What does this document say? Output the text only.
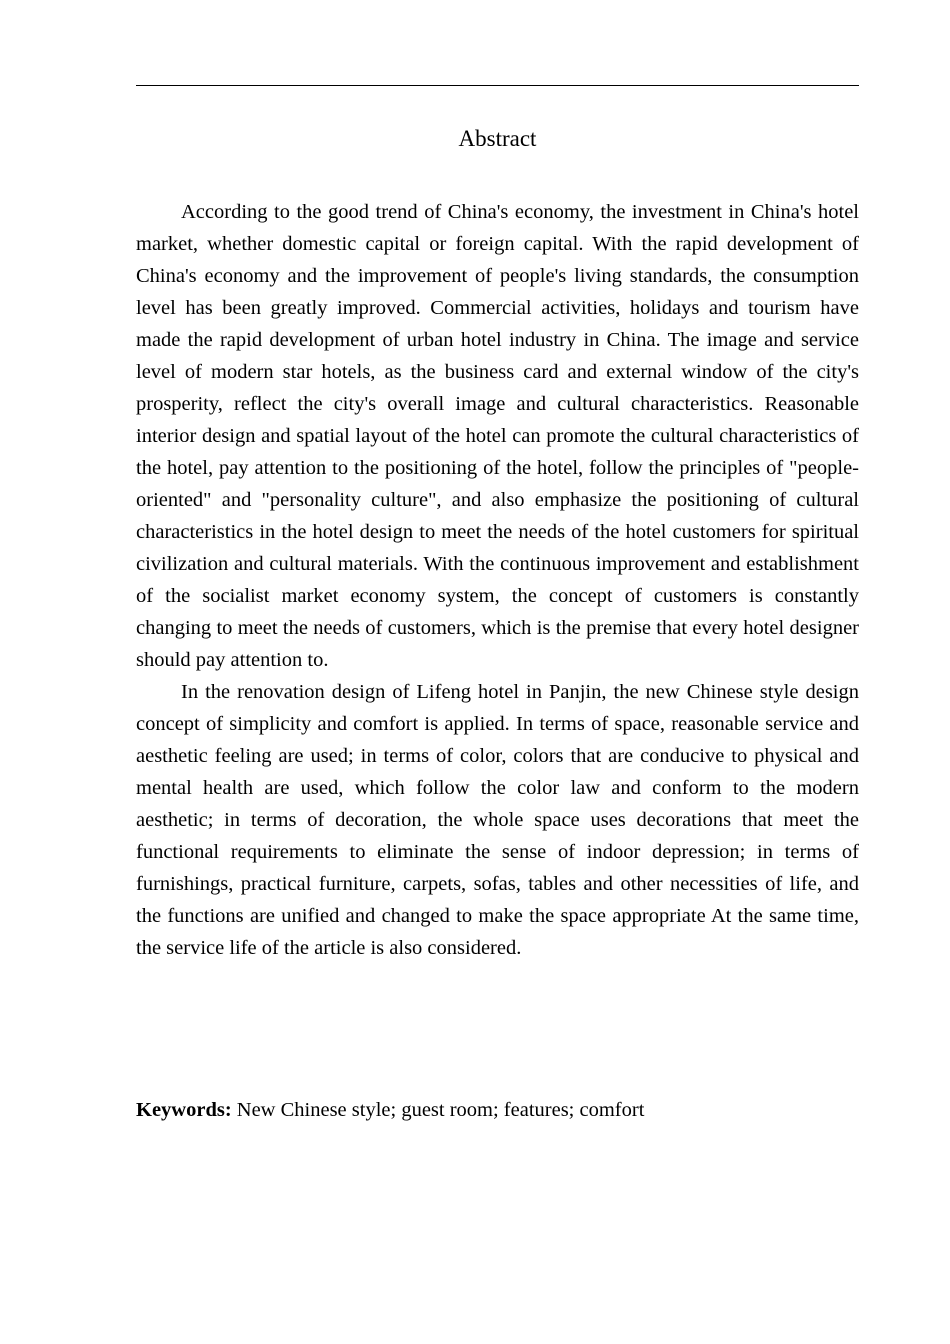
Abstract

According to the good trend of China's economy, the investment in China's hotel market, whether domestic capital or foreign capital. With the rapid development of China's economy and the improvement of people's living standards, the consumption level has been greatly improved. Commercial activities, holidays and tourism have made the rapid development of urban hotel industry in China. The image and service level of modern star hotels, as the business card and external window of the city's prosperity, reflect the city's overall image and cultural characteristics. Reasonable interior design and spatial layout of the hotel can promote the cultural characteristics of the hotel, pay attention to the positioning of the hotel, follow the principles of "people-oriented" and "personality culture", and also emphasize the positioning of cultural characteristics in the hotel design to meet the needs of the hotel customers for spiritual civilization and cultural materials. With the continuous improvement and establishment of the socialist market economy system, the concept of customers is constantly changing to meet the needs of customers, which is the premise that every hotel designer should pay attention to.

In the renovation design of Lifeng hotel in Panjin, the new Chinese style design concept of simplicity and comfort is applied. In terms of space, reasonable service and aesthetic feeling are used; in terms of color, colors that are conducive to physical and mental health are used, which follow the color law and conform to the modern aesthetic; in terms of decoration, the whole space uses decorations that meet the functional requirements to eliminate the sense of indoor depression; in terms of furnishings, practical furniture, carpets, sofas, tables and other necessities of life, and the functions are unified and changed to make the space appropriate At the same time, the service life of the article is also considered.

Keywords: New Chinese style; guest room; features; comfort
